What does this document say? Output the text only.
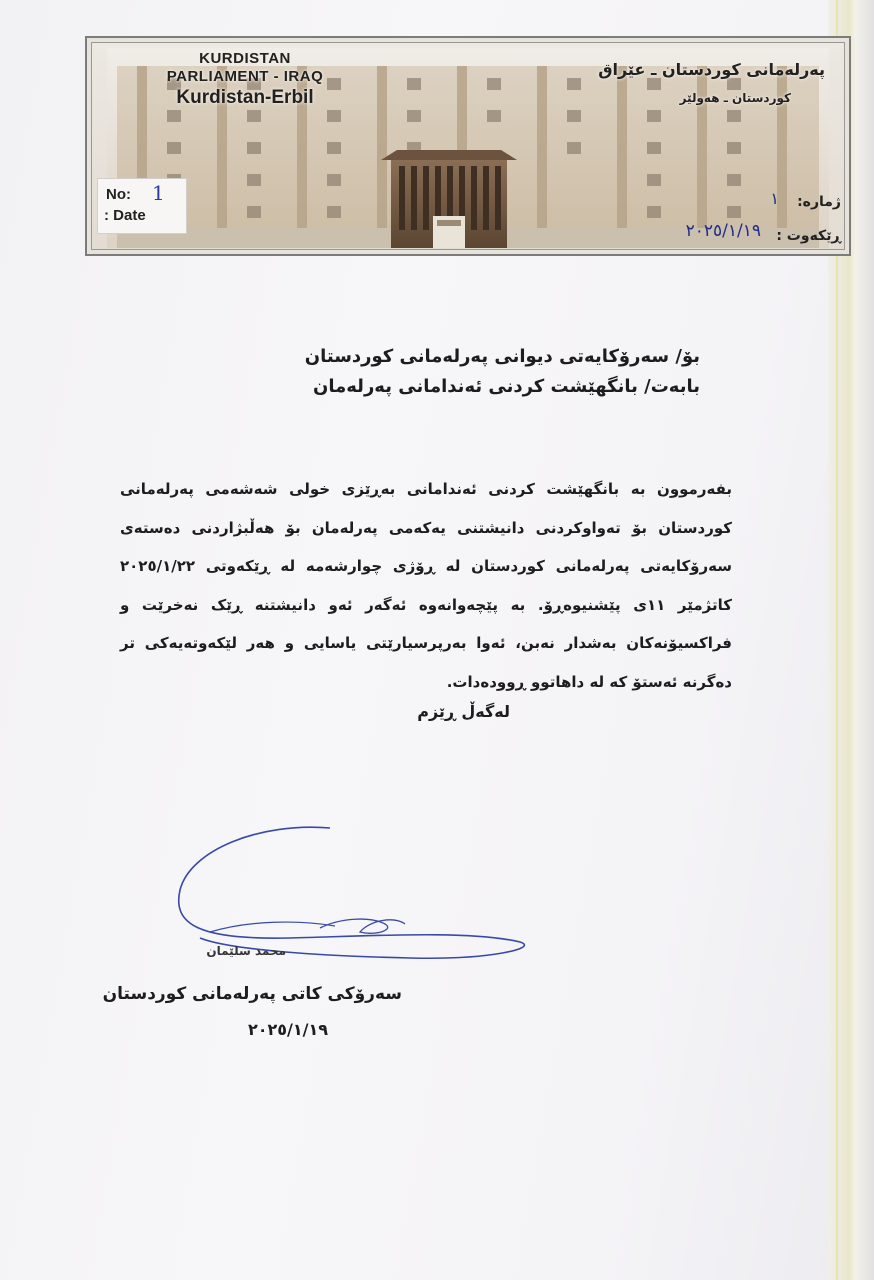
KURDISTAN
PARLIAMENT - IRAQ
Kurdistan-Erbil
پەرلەمانی کوردستان ـ عێراق
کوردستان ـ هەولێر
No: 1
: Date
ژمارە:
١
ڕێکەوت :
٢٠٢٥/١/١٩
بۆ/ سەرۆکایەتی دیوانی پەرلەمانی کوردستان
بابەت/ بانگهێشت کردنی ئەندامانی پەرلەمان
بفەرموون به بانگهێشت کردنی ئەندامانی بەڕێزی خولی شەشەمی پەرلەمانی کوردستان بۆ تەواوکردنی دانیشتنی یەکەمی پەرلەمان بۆ هەڵبژاردنی دەستەی سەرۆکایەتی پەرلەمانی کوردستان لە ڕۆژی چوارشەمە لە ڕێکەوتی ٢٠٢٥/١/٢٢ کاتژمێر ١١ی پێشنیوەڕۆ. بە پێچەوانەوە ئەگەر ئەو دانیشتنە ڕێک نەخرێت و فراکسیۆنەکان بەشدار نەبن، ئەوا بەرپرسیارێتی یاسایی و هەر لێکەوتەیەکی تر دەگرنە ئەستۆ کە لە داهاتوو ڕوودەدات.
لەگەڵ ڕێزم
محمد سلێمان
سەرۆکی کاتی پەرلەمانی کوردستان
٢٠٢٥/١/١٩
